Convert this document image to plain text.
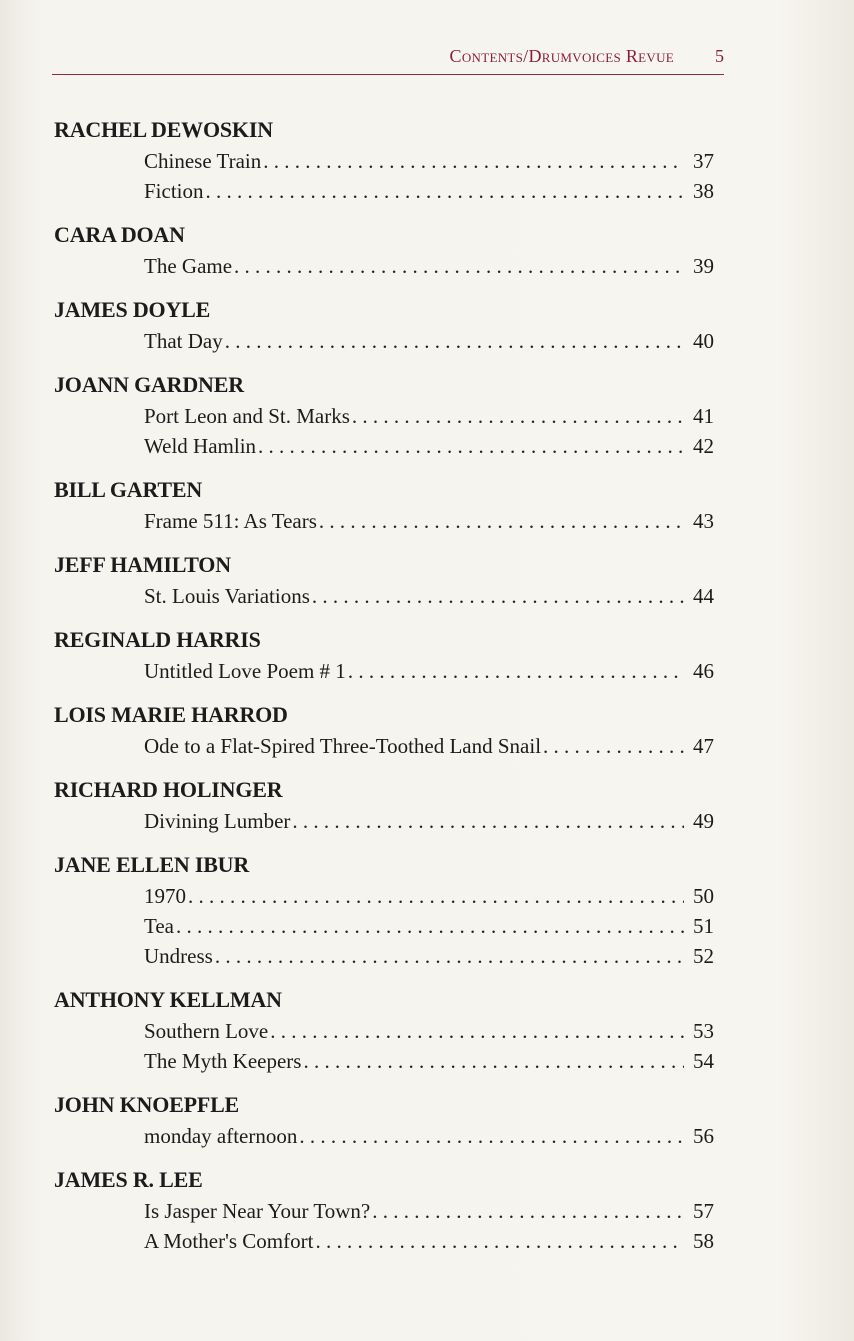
Contents/Drumvoices Revue 5
RACHEL DEWOSKIN
Chinese Train . . .	37
Fiction . . .	38
CARA DOAN
The Game . . .	39
JAMES DOYLE
That Day . . .	40
JOANN GARDNER
Port Leon and St. Marks . . .	41
Weld Hamlin . . .	42
BILL GARTEN
Frame 511: As Tears . . .	43
JEFF HAMILTON
St. Louis Variations . . .	44
REGINALD HARRIS
Untitled Love Poem # 1 . . .	46
LOIS MARIE HARROD
Ode to a Flat-Spired Three-Toothed Land Snail . . .	47
RICHARD HOLINGER
Divining Lumber . . .	49
JANE ELLEN IBUR
1970 . . .	50
Tea . . .	51
Undress . . .	52
ANTHONY KELLMAN
Southern Love . . .	53
The Myth Keepers . . .	54
JOHN KNOEPFLE
monday afternoon . . .	56
JAMES R. LEE
Is Jasper Near Your Town? . . .	57
A Mother's Comfort . . .	58
